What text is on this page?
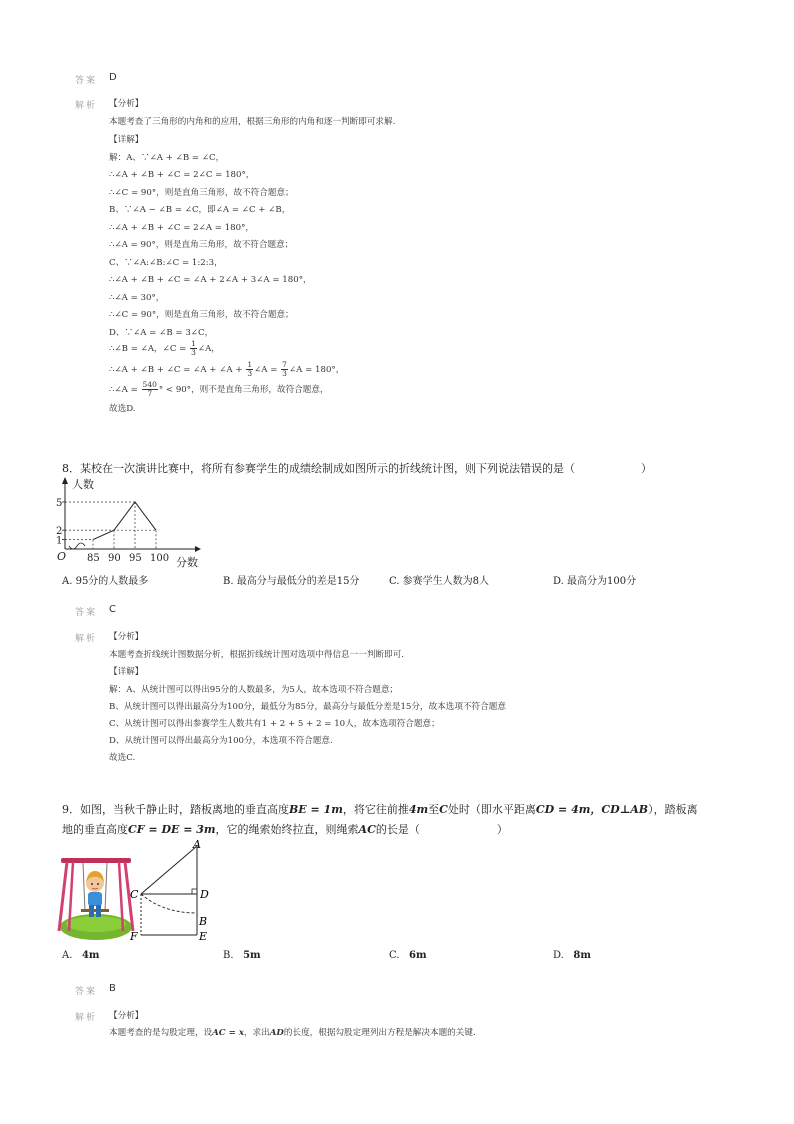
答案 D
解析 【分析】
本题考查了三角形的内角和的应用，根据三角形的内角和逐一判断即可求解.
【详解】
解：A、∵∠A + ∠B = ∠C，
∴∠A + ∠B + ∠C = 2∠C = 180°，
∴∠C = 90°，则是直角三角形，故不符合题意；
B、∵∠A − ∠B = ∠C，即∠A = ∠C + ∠B，
∴∠A + ∠B + ∠C = 2∠A = 180°，
∴∠A = 90°，则是直角三角形，故不符合题意；
C、∵∠A:∠B:∠C = 1:2:3，
∴∠A + ∠B + ∠C = ∠A + 2∠A + 3∠A = 180°，
∴∠A = 30°，
∴∠C = 90°，则是直角三角形，故不符合题意；
D、∵∠A = ∠B = 3∠C，
∴∠B = ∠A，∠C = $\frac{1}{3}$ ∠A，
∴∠A + ∠B + ∠C = ∠A + ∠A + $\frac{1}{3}$ ∠A = $\frac{7}{3}$ ∠A = 180°，
∴∠A = $\frac{540}{7}$ ° < 90°，则不是直角三角形，故符合题意，
故选D.
8．某校在一次演讲比赛中，将所有参赛学生的成绩绘制成如图所示的折线统计图，则下列说法错误的是（　　　　　　）
人数
分数
O 85 90 95 100
1
2
5
A. 95分的人数最多	B. 最高分与最低分的差是15分	C. 参赛学生人数为8人	D. 最高分为100分
答案 C
解析 【分析】
本题考查折线统计图数据分析，根据折线统计图对选项中得信息一一判断即可.
【详解】
解：A、从统计图可以得出95分的人数最多，为5人，故本选项不符合题意；
B、从统计图可以得出最高分为100分，最低分为85分，最高分与最低分差是15分，故本选项不符合题意
C、从统计图可以得出参赛学生人数共有1 + 2 + 5 + 2 = 10人，故本选项符合题意；
D、从统计图可以得出最高分为100分，本选项不符合题意.
故选C.
9．如图，当秋千静止时，踏板离地的垂直高度BE = 1m，将它往前推4m至C处时（即水平距离CD = 4m，CD⊥AB），踏板离
地的垂直高度CF = DE = 3m，它的绳索始终拉直，则绳索AC的长是（　　　　　　　）
A
C	D
B
F	E
A. 4m	B. 5m	C. 6m	D. 8m
答案 B
解析 【分析】
本题考查的是勾股定理，设AC = x，求出AD的长度，根据勾股定理列出方程是解决本题的关键.
